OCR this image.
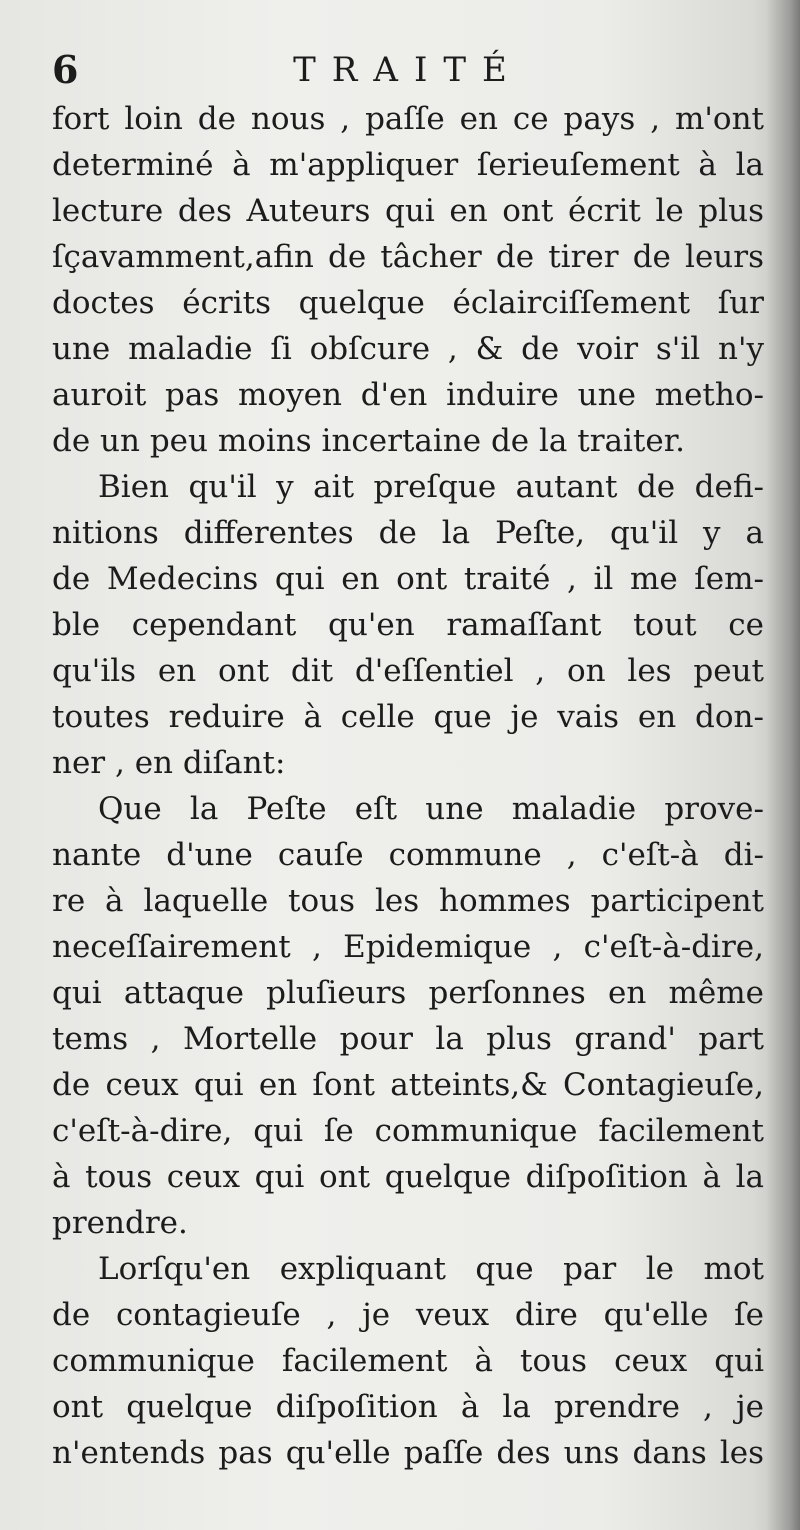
6	TRAITÉ
fort loin de nous , paſſe en ce pays , m'ont
determiné à m'appliquer ſerieuſement à la
lecture des Auteurs qui en ont écrit le plus
ſçavamment,afin de tâcher de tirer de leurs
doctes écrits quelque éclairciſſement ſur
une maladie ſi obſcure , & de voir s'il n'y
auroit pas moyen d'en induire une metho-
de un peu moins incertaine de la traiter.
Bien qu'il y ait preſque autant de defi-
nitions differentes de la Peſte, qu'il y a
de Medecins qui en ont traité , il me ſem-
ble cependant qu'en ramaſſant tout ce
qu'ils en ont dit d'eſſentiel , on les peut
toutes reduire à celle que je vais en don-
ner , en diſant:
Que la Peſte eſt une maladie prove-
nante d'une cauſe commune , c'eſt-à di-
re à laquelle tous les hommes participent
neceſſairement , Epidemique , c'eſt-à-dire,
qui attaque pluſieurs perſonnes en même
tems , Mortelle pour la plus grand' part
de ceux qui en ſont atteints,& Contagieuſe,
c'eſt-à-dire, qui ſe communique facilement
à tous ceux qui ont quelque diſpoſition à la
prendre.
Lorſqu'en expliquant que par le mot
de contagieuſe , je veux dire qu'elle ſe
communique facilement à tous ceux qui
ont quelque diſpoſition à la prendre , je
n'entends pas qu'elle paſſe des uns dans les
